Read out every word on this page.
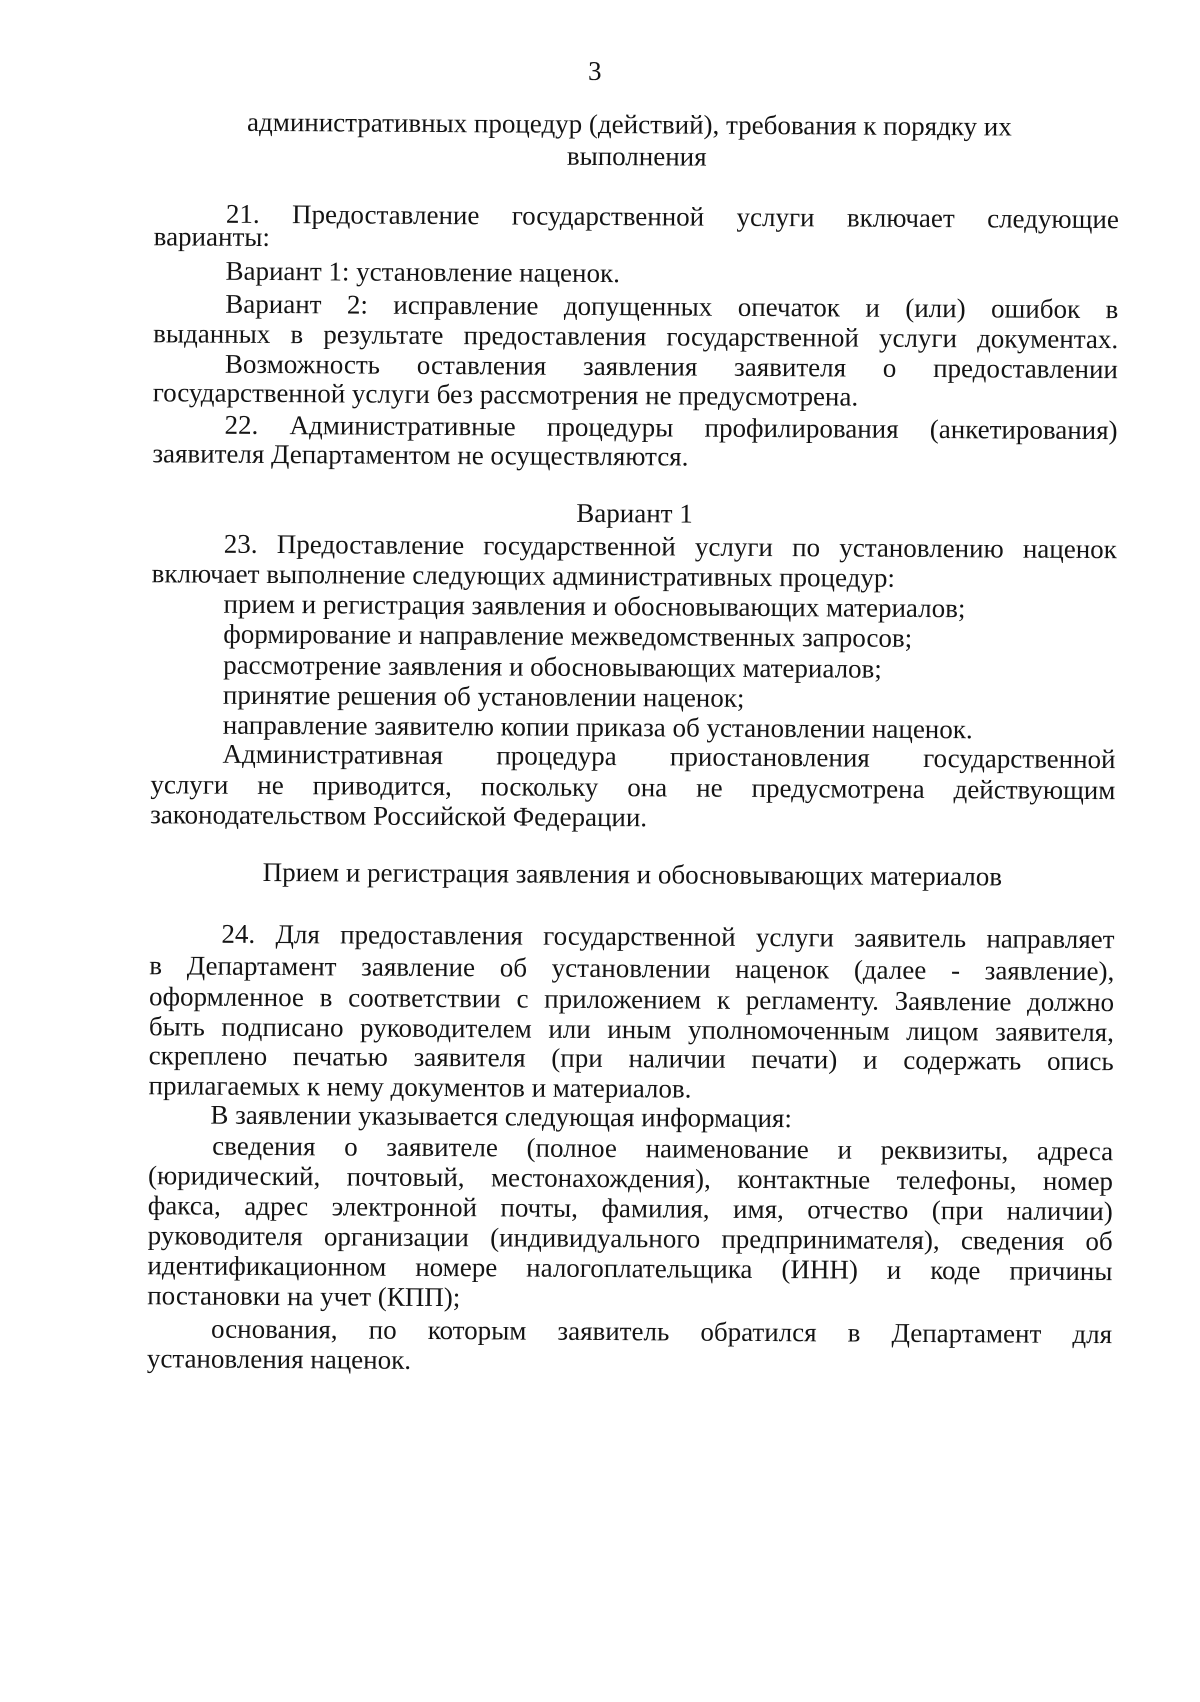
3
административных процедур (действий), требования к порядку их
выполнения
21. Предоставление государственной услуги включает следующие
варианты:
Вариант 1: установление наценок.
Вариант 2: исправление допущенных опечаток и (или) ошибок в
выданных в результате предоставления государственной услуги документах.
Возможность оставления заявления заявителя о предоставлении
государственной услуги без рассмотрения не предусмотрена.
22. Административные процедуры профилирования (анкетирования)
заявителя Департаментом не осуществляются.
Вариант 1
23. Предоставление государственной услуги по установлению наценок
включает выполнение следующих административных процедур:
прием и регистрация заявления и обосновывающих материалов;
формирование и направление межведомственных запросов;
рассмотрение заявления и обосновывающих материалов;
принятие решения об установлении наценок;
направление заявителю копии приказа об установлении наценок.
Административная процедура приостановления государственной
услуги не приводится, поскольку она не предусмотрена действующим
законодательством Российской Федерации.
Прием и регистрация заявления и обосновывающих материалов
24. Для предоставления государственной услуги заявитель направляет
в Департамент заявление об установлении наценок (далее - заявление),
оформленное в соответствии с приложением к регламенту. Заявление должно
быть подписано руководителем или иным уполномоченным лицом заявителя,
скреплено печатью заявителя (при наличии печати) и содержать опись
прилагаемых к нему документов и материалов.
В заявлении указывается следующая информация:
сведения о заявителе (полное наименование и реквизиты, адреса
(юридический, почтовый, местонахождения), контактные телефоны, номер
факса, адрес электронной почты, фамилия, имя, отчество (при наличии)
руководителя организации (индивидуального предпринимателя), сведения об
идентификационном номере налогоплательщика (ИНН) и коде причины
постановки на учет (КПП);
основания, по которым заявитель обратился в Департамент для
установления наценок.
